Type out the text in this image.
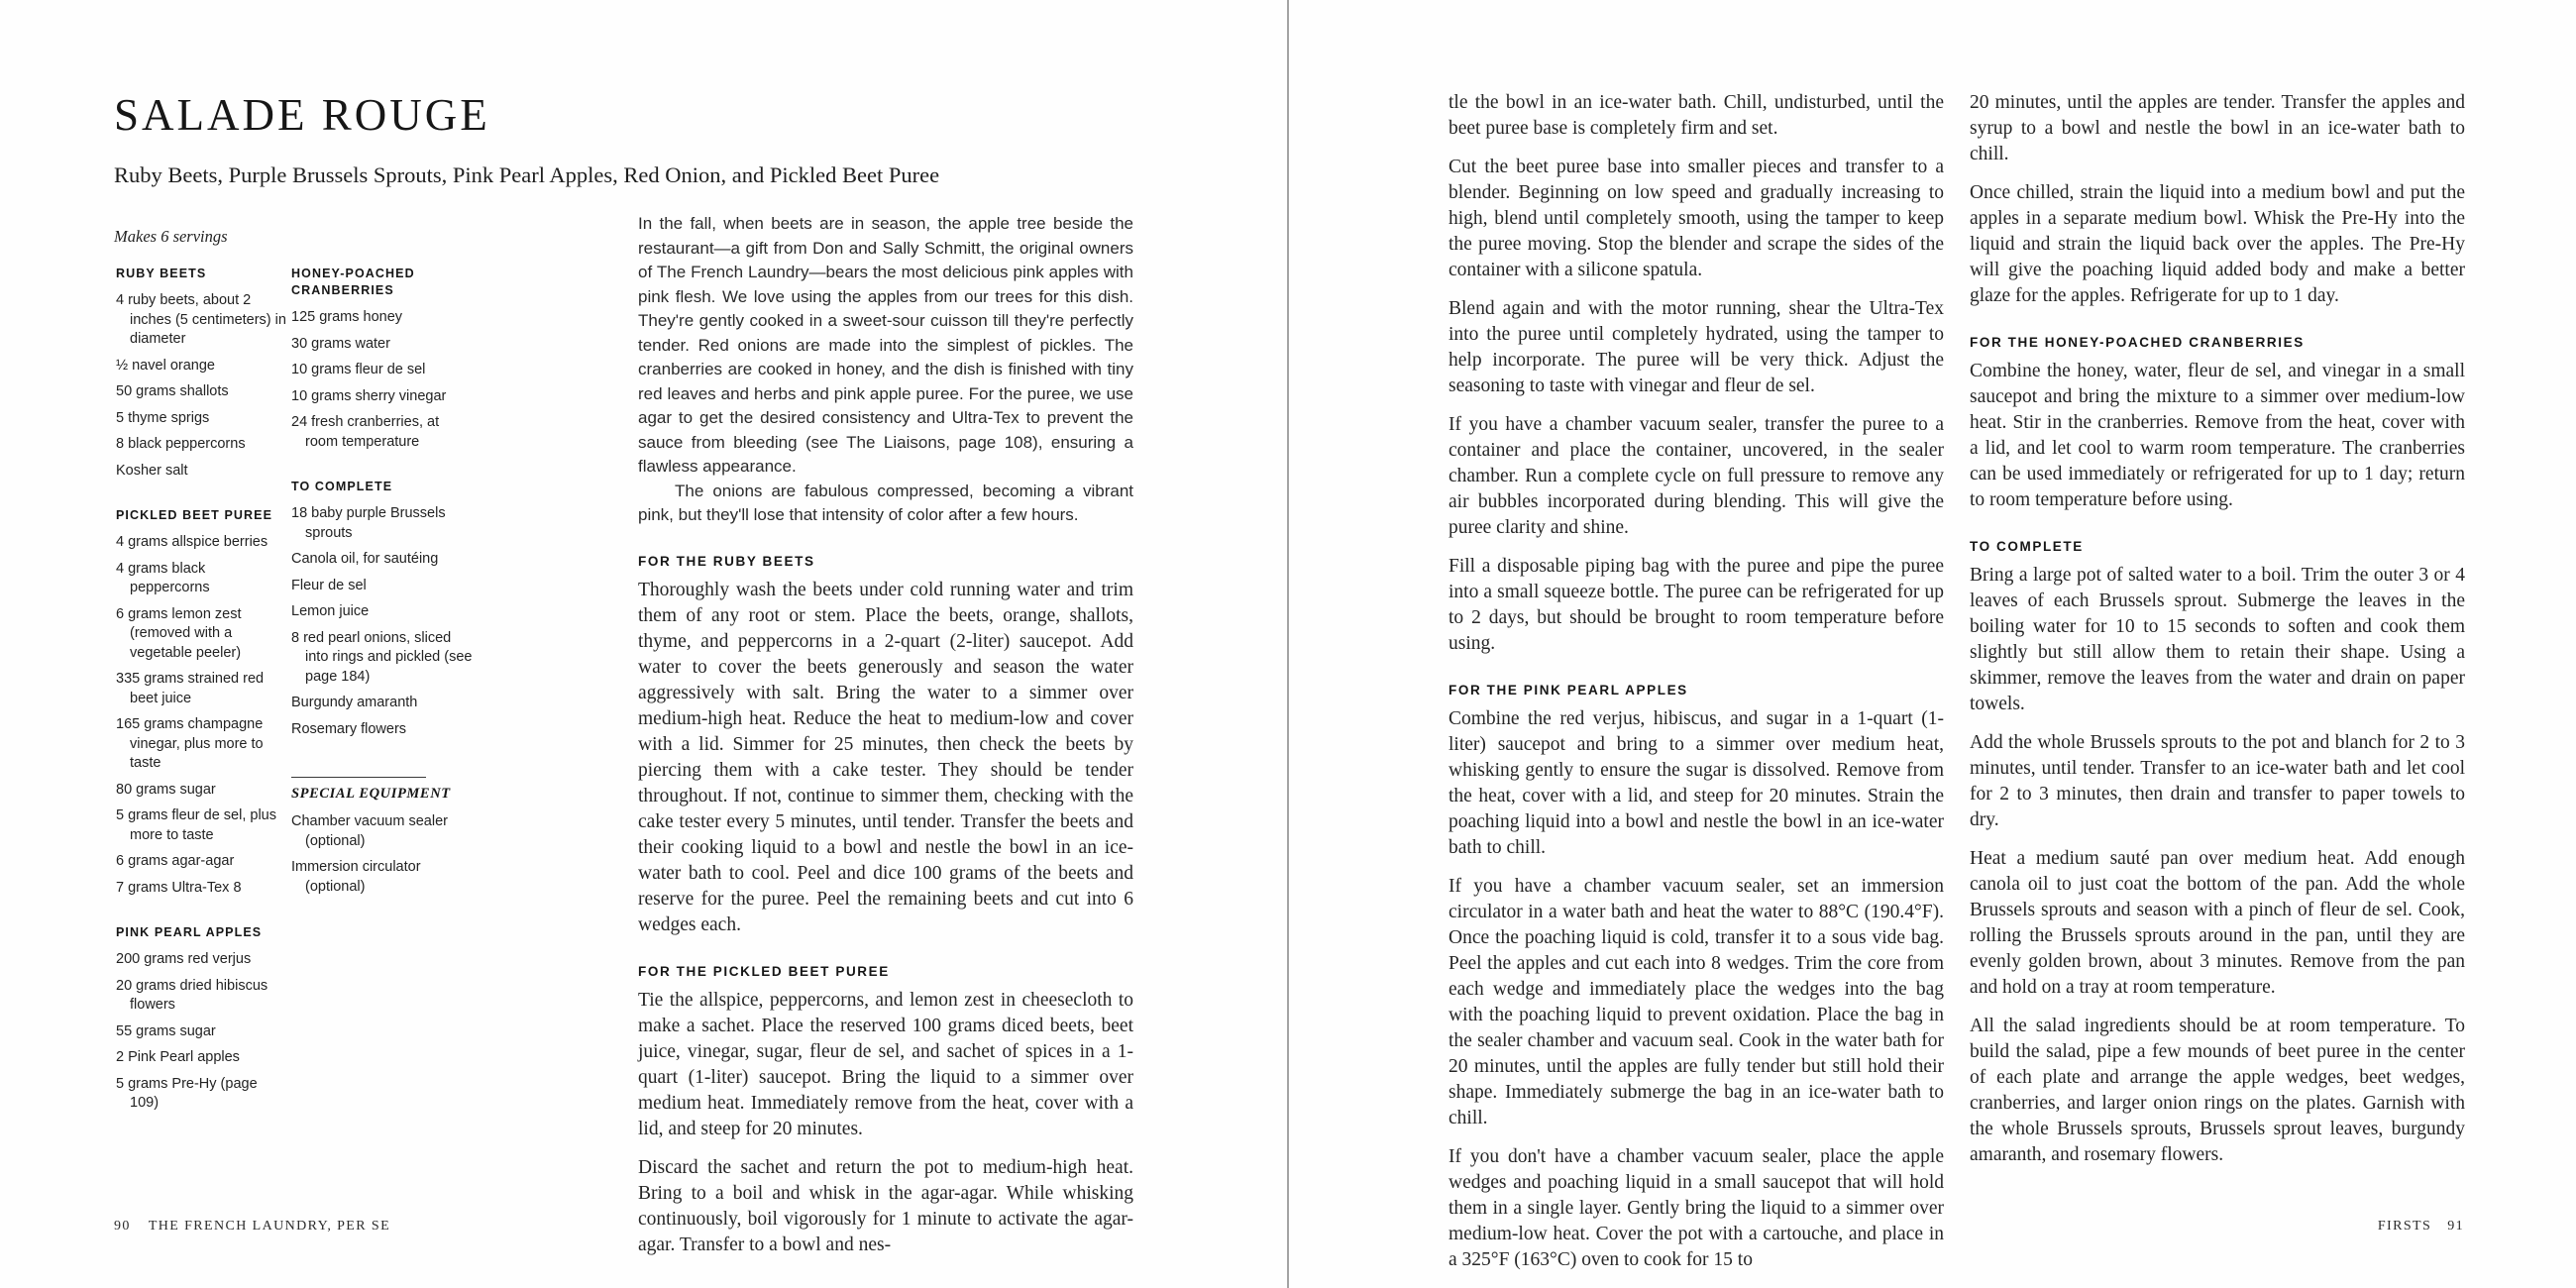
SALADE ROUGE
Ruby Beets, Purple Brussels Sprouts, Pink Pearl Apples, Red Onion, and Pickled Beet Puree
Makes 6 servings
RUBY BEETS
4 ruby beets, about 2 inches (5 centimeters) in diameter
½ navel orange
50 grams shallots
5 thyme sprigs
8 black peppercorns
Kosher salt
PICKLED BEET PUREE
4 grams allspice berries
4 grams black peppercorns
6 grams lemon zest (removed with a vegetable peeler)
335 grams strained red beet juice
165 grams champagne vinegar, plus more to taste
80 grams sugar
5 grams fleur de sel, plus more to taste
6 grams agar-agar
7 grams Ultra-Tex 8
PINK PEARL APPLES
200 grams red verjus
20 grams dried hibiscus flowers
55 grams sugar
2 Pink Pearl apples
5 grams Pre-Hy (page 109)
HONEY-POACHED CRANBERRIES
125 grams honey
30 grams water
10 grams fleur de sel
10 grams sherry vinegar
24 fresh cranberries, at room temperature
TO COMPLETE
18 baby purple Brussels sprouts
Canola oil, for sautéing
Fleur de sel
Lemon juice
8 red pearl onions, sliced into rings and pickled (see page 184)
Burgundy amaranth
Rosemary flowers
SPECIAL EQUIPMENT
Chamber vacuum sealer (optional)
Immersion circulator (optional)

In the fall, when beets are in season, the apple tree beside the restaurant—a gift from Don and Sally Schmitt, the original owners of The French Laundry—bears the most delicious pink apples with pink flesh. We love using the apples from our trees for this dish. They're gently cooked in a sweet-sour cuisson till they're perfectly tender. Red onions are made into the simplest of pickles. The cranberries are cooked in honey, and the dish is finished with tiny red leaves and herbs and pink apple puree. For the puree, we use agar to get the desired consistency and Ultra-Tex to prevent the sauce from bleeding (see The Liaisons, page 108), ensuring a flawless appearance.

The onions are fabulous compressed, becoming a vibrant pink, but they'll lose that intensity of color after a few hours.

FOR THE RUBY BEETS
Thoroughly wash the beets under cold running water and trim them of any root or stem. Place the beets, orange, shallots, thyme, and peppercorns in a 2-quart (2-liter) saucepot. Add water to cover the beets generously and season the water aggressively with salt. Bring the water to a simmer over medium-high heat. Reduce the heat to medium-low and cover with a lid. Simmer for 25 minutes, then check the beets by piercing them with a cake tester. They should be tender throughout. If not, continue to simmer them, checking with the cake tester every 5 minutes, until tender. Transfer the beets and their cooking liquid to a bowl and nestle the bowl in an ice-water bath to cool. Peel and dice 100 grams of the beets and reserve for the puree. Peel the remaining beets and cut into 6 wedges each.
FOR THE PICKLED BEET PUREE
Tie the allspice, peppercorns, and lemon zest in cheesecloth to make a sachet. Place the reserved 100 grams diced beets, beet juice, vinegar, sugar, fleur de sel, and sachet of spices in a 1-quart (1-liter) saucepot. Bring the liquid to a simmer over medium heat. Immediately remove from the heat, cover with a lid, and steep for 20 minutes.
Discard the sachet and return the pot to medium-high heat. Bring to a boil and whisk in the agar-agar. While whisking continuously, boil vigorously for 1 minute to activate the agar-agar. Transfer to a bowl and nes-
90 THE FRENCH LAUNDRY, PER SE
tle the bowl in an ice-water bath. Chill, undisturbed, until the beet puree base is completely firm and set.
Cut the beet puree base into smaller pieces and transfer to a blender. Beginning on low speed and gradually increasing to high, blend until completely smooth, using the tamper to keep the puree moving. Stop the blender and scrape the sides of the container with a silicone spatula.
Blend again and with the motor running, shear the Ultra-Tex into the puree until completely hydrated, using the tamper to help incorporate. The puree will be very thick. Adjust the seasoning to taste with vinegar and fleur de sel.
If you have a chamber vacuum sealer, transfer the puree to a container and place the container, uncovered, in the sealer chamber. Run a complete cycle on full pressure to remove any air bubbles incorporated during blending. This will give the puree clarity and shine.
Fill a disposable piping bag with the puree and pipe the puree into a small squeeze bottle. The puree can be refrigerated for up to 2 days, but should be brought to room temperature before using.
FOR THE PINK PEARL APPLES
Combine the red verjus, hibiscus, and sugar in a 1-quart (1-liter) saucepot and bring to a simmer over medium heat, whisking gently to ensure the sugar is dissolved. Remove from the heat, cover with a lid, and steep for 20 minutes. Strain the poaching liquid into a bowl and nestle the bowl in an ice-water bath to chill.
If you have a chamber vacuum sealer, set an immersion circulator in a water bath and heat the water to 88°C (190.4°F). Once the poaching liquid is cold, transfer it to a sous vide bag. Peel the apples and cut each into 8 wedges. Trim the core from each wedge and immediately place the wedges into the bag with the poaching liquid to prevent oxidation. Place the bag in the sealer chamber and vacuum seal. Cook in the water bath for 20 minutes, until the apples are fully tender but still hold their shape. Immediately submerge the bag in an ice-water bath to chill.
If you don't have a chamber vacuum sealer, place the apple wedges and poaching liquid in a small saucepot that will hold them in a single layer. Gently bring the liquid to a simmer over medium-low heat. Cover the pot with a cartouche, and place in a 325°F (163°C) oven to cook for 15 to
20 minutes, until the apples are tender. Transfer the apples and syrup to a bowl and nestle the bowl in an ice-water bath to chill.
Once chilled, strain the liquid into a medium bowl and put the apples in a separate medium bowl. Whisk the Pre-Hy into the liquid and strain the liquid back over the apples. The Pre-Hy will give the poaching liquid added body and make a better glaze for the apples. Refrigerate for up to 1 day.
FOR THE HONEY-POACHED CRANBERRIES
Combine the honey, water, fleur de sel, and vinegar in a small saucepot and bring the mixture to a simmer over medium-low heat. Stir in the cranberries. Remove from the heat, cover with a lid, and let cool to warm room temperature. The cranberries can be used immediately or refrigerated for up to 1 day; return to room temperature before using.
TO COMPLETE
Bring a large pot of salted water to a boil. Trim the outer 3 or 4 leaves of each Brussels sprout. Submerge the leaves in the boiling water for 10 to 15 seconds to soften and cook them slightly but still allow them to retain their shape. Using a skimmer, remove the leaves from the water and drain on paper towels.
Add the whole Brussels sprouts to the pot and blanch for 2 to 3 minutes, until tender. Transfer to an ice-water bath and let cool for 2 to 3 minutes, then drain and transfer to paper towels to dry.
Heat a medium sauté pan over medium heat. Add enough canola oil to just coat the bottom of the pan. Add the whole Brussels sprouts and season with a pinch of fleur de sel. Cook, rolling the Brussels sprouts around in the pan, until they are evenly golden brown, about 3 minutes. Remove from the pan and hold on a tray at room temperature.
All the salad ingredients should be at room temperature. To build the salad, pipe a few mounds of beet puree in the center of each plate and arrange the apple wedges, beet wedges, cranberries, and larger onion rings on the plates. Garnish with the whole Brussels sprouts, Brussels sprout leaves, burgundy amaranth, and rosemary flowers.
FIRSTS 91
